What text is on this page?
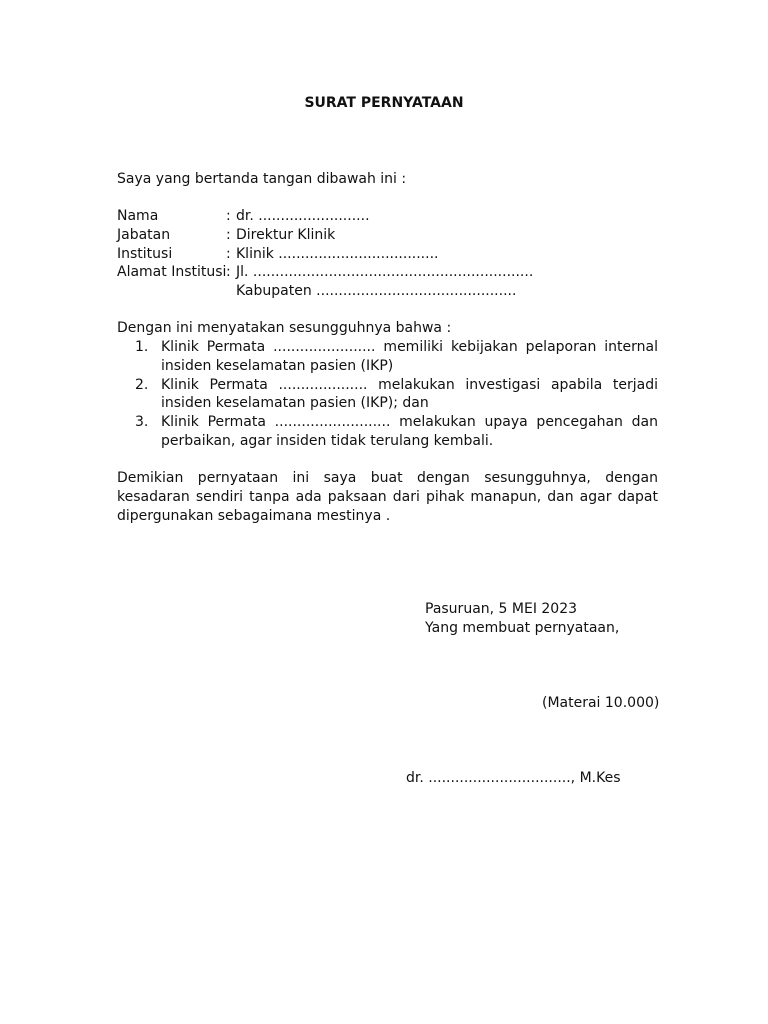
SURAT PERNYATAAN
Saya yang bertanda tangan dibawah ini :
Nama	: dr. .........................
Jabatan	: Direktur Klinik
Institusi	: Klinik ....................................
Alamat Institusi : Jl. ...............................................................
Kabupaten .............................................
Dengan ini menyatakan sesungguhnya bahwa :
1. Klinik Permata ....................... memiliki kebijakan pelaporan internal insiden keselamatan pasien (IKP)
2. Klinik Permata .................... melakukan investigasi apabila terjadi insiden keselamatan pasien (IKP); dan
3. Klinik Permata .......................... melakukan upaya pencegahan dan perbaikan, agar insiden tidak terulang kembali.
Demikian pernyataan ini saya buat dengan sesungguhnya, dengan kesadaran sendiri tanpa ada paksaan dari pihak manapun, dan agar dapat dipergunakan sebagaimana mestinya .
Pasuruan, 5 MEI 2023
Yang membuat pernyataan,
(Materai 10.000)
dr. ................................, M.Kes
